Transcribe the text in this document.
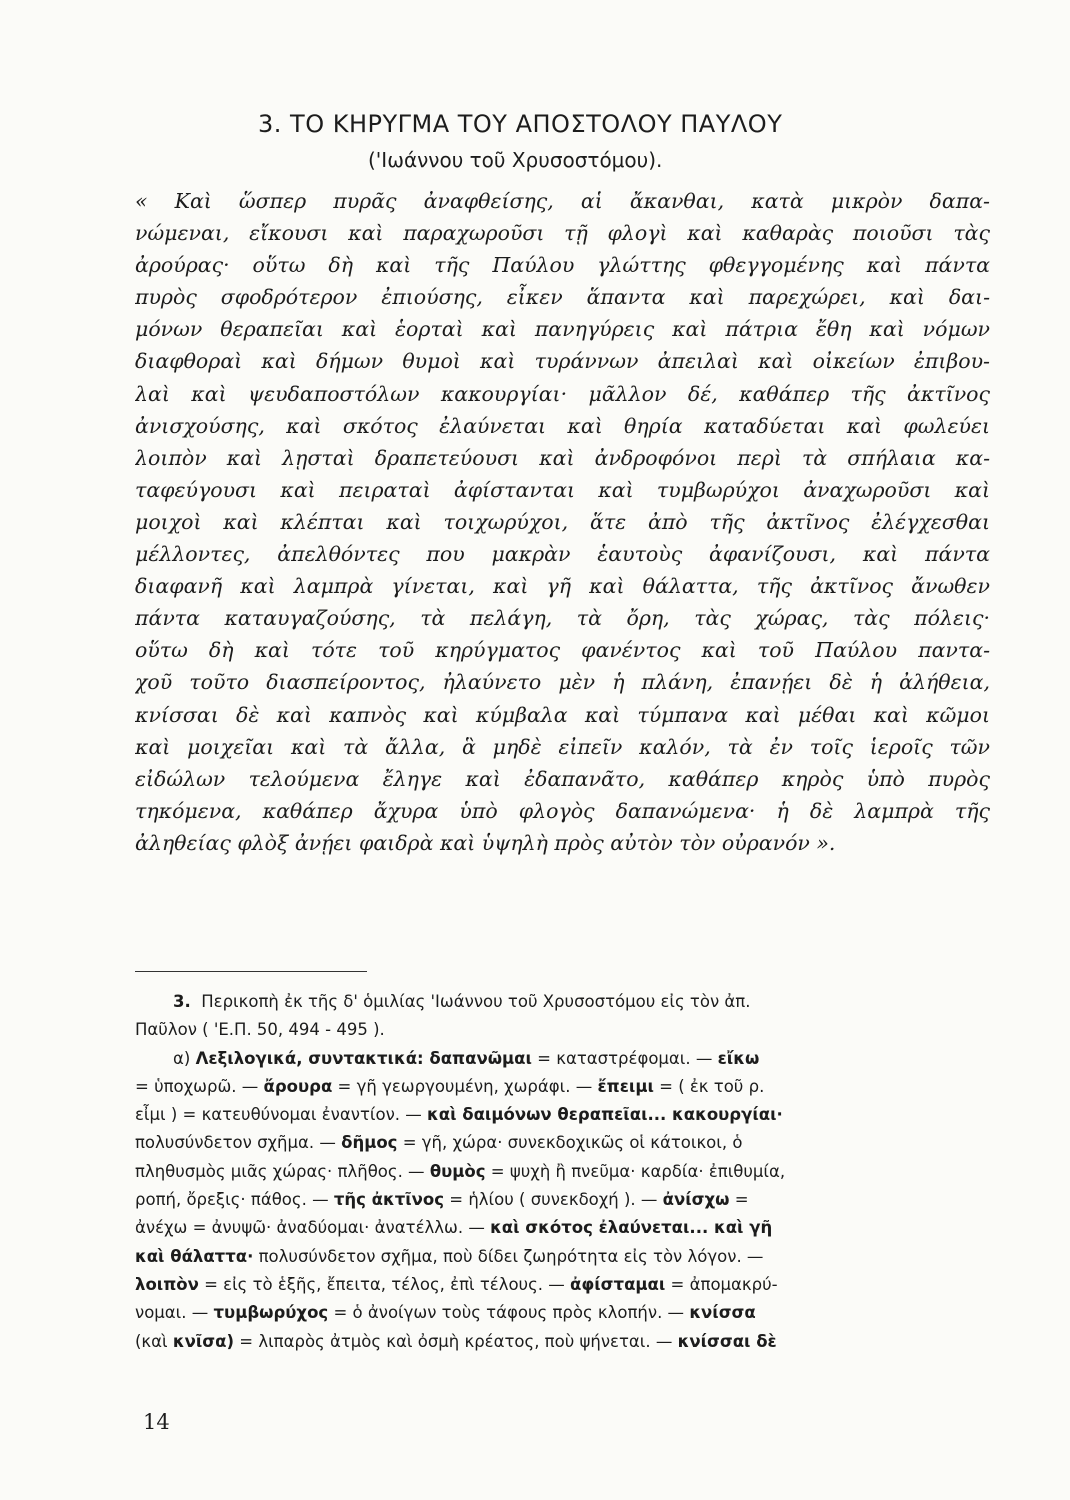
3. ΤΟ ΚΗΡΥΓΜΑ ΤΟΥ ΑΠΟΣΤΟΛΟΥ ΠΑΥΛΟΥ
('Ιωάννου τοῦ Χρυσοστόμου).
« Καὶ ὥσπερ πυρᾶς ἀναφθείσης, αἱ ἄκανθαι, κατὰ μικρὸν δαπα-
νώμεναι, εἴκουσι καὶ παραχωροῦσι τῇ φλογὶ καὶ καθαρὰς ποιοῦσι τὰς
ἀρούρας· οὕτω δὴ καὶ τῆς Παύλου γλώττης φθεγγομένης καὶ πάντα
πυρὸς σφοδρότερον ἐπιούσης, εἶκεν ἅπαντα καὶ παρεχώρει, καὶ δαι-
μόνων θεραπεῖαι καὶ ἑορταὶ καὶ πανηγύρεις καὶ πάτρια ἔθη καὶ νόμων
διαφθοραὶ καὶ δήμων θυμοὶ καὶ τυράννων ἀπειλαὶ καὶ οἰκείων ἐπιβου-
λαὶ καὶ ψευδαποστόλων κακουργίαι· μᾶλλον δέ, καθάπερ τῆς ἀκτῖνος
ἀνισχούσης, καὶ σκότος ἐλαύνεται καὶ θηρία καταδύεται καὶ φωλεύει
λοιπὸν καὶ λῃσταὶ δραπετεύουσι καὶ ἀνδροφόνοι περὶ τὰ σπήλαια κα-
ταφεύγουσι καὶ πειραταὶ ἀφίστανται καὶ τυμβωρύχοι ἀναχωροῦσι καὶ
μοιχοὶ καὶ κλέπται καὶ τοιχωρύχοι, ἅτε ἀπὸ τῆς ἀκτῖνος ἐλέγχεσθαι
μέλλοντες, ἀπελθόντες που μακρὰν ἑαυτοὺς ἀφανίζουσι, καὶ πάντα
διαφανῆ καὶ λαμπρὰ γίνεται, καὶ γῆ καὶ θάλαττα, τῆς ἀκτῖνος ἄνωθεν
πάντα καταυγαζούσης, τὰ πελάγη, τὰ ὄρη, τὰς χώρας, τὰς πόλεις·
οὕτω δὴ καὶ τότε τοῦ κηρύγματος φανέντος καὶ τοῦ Παύλου παντα-
χοῦ τοῦτο διασπείροντος, ἠλαύνετο μὲν ἡ πλάνη, ἐπανῄει δὲ ἡ ἀλήθεια,
κνίσσαι δὲ καὶ καπνὸς καὶ κύμβαλα καὶ τύμπανα καὶ μέθαι καὶ κῶμοι
καὶ μοιχεῖαι καὶ τὰ ἄλλα, ἃ μηδὲ εἰπεῖν καλόν, τὰ ἐν τοῖς ἱεροῖς τῶν
εἰδώλων τελούμενα ἔληγε καὶ ἐδαπανᾶτο, καθάπερ κηρὸς ὑπὸ πυρὸς
τηκόμενα, καθάπερ ἄχυρα ὑπὸ φλογὸς δαπανώμενα· ἡ δὲ λαμπρὰ τῆς
ἀληθείας φλὸξ ἀνῄει φαιδρὰ καὶ ὑψηλὴ πρὸς αὐτὸν τὸν οὐρανόν ».
3. Περικοπὴ ἐκ τῆς δ' ὁμιλίας 'Ιωάννου τοῦ Χρυσοστόμου εἰς τὸν ἀπ.
Παῦλον ( 'Ε.Π. 50, 494 - 495 ).
α) Λεξιλογικά, συντακτικά: δαπανῶμαι = καταστρέφομαι. — εἴκω
= ὑποχωρῶ. — ἄρουρα = γῆ γεωργουμένη, χωράφι. — ἔπειμι = ( ἐκ τοῦ ρ.
εἶμι ) = κατευθύνομαι ἐναντίον. — καὶ δαιμόνων θεραπεῖαι... κακουργίαι·
πολυσύνδετον σχῆμα. — δῆμος = γῆ, χώρα· συνεκδοχικῶς οἱ κάτοικοι, ὁ
πληθυσμὸς μιᾶς χώρας· πλῆθος. — θυμὸς = ψυχὴ ἢ πνεῦμα· καρδία· ἐπιθυμία,
ροπή, ὄρεξις· πάθος. — τῆς ἀκτῖνος = ἡλίου ( συνεκδοχή ). — ἀνίσχω =
ἀνέχω = ἀνυψῶ· ἀναδύομαι· ἀνατέλλω. — καὶ σκότος ἐλαύνεται... καὶ γῆ
καὶ θάλαττα· πολυσύνδετον σχῆμα, ποὺ δίδει ζωηρότητα εἰς τὸν λόγον. —
λοιπὸν = εἰς τὸ ἑξῆς, ἔπειτα, τέλος, ἐπὶ τέλους. — ἀφίσταμαι = ἀπομακρύ-
νομαι. — τυμβωρύχος = ὁ ἀνοίγων τοὺς τάφους πρὸς κλοπήν. — κνίσσα
(καὶ κνῖσα) = λιπαρὸς ἀτμὸς καὶ ὀσμὴ κρέατος, ποὺ ψήνεται. — κνίσσαι δὲ
14
